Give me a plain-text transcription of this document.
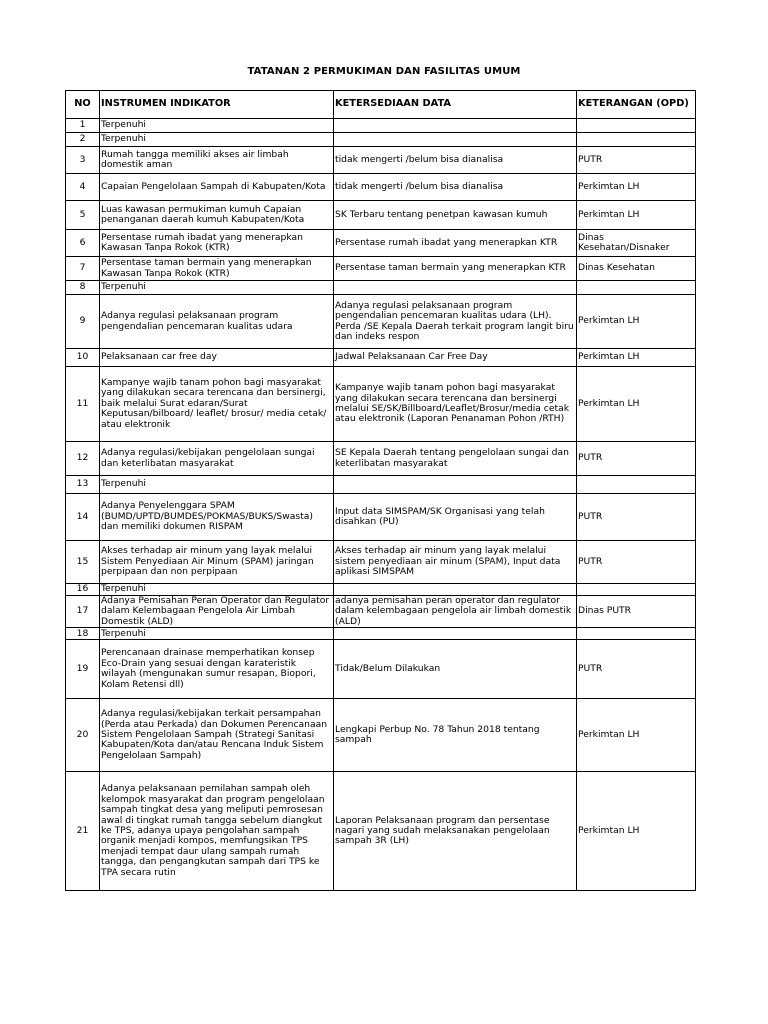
TATANAN 2 PERMUKIMAN DAN FASILITAS UMUM
NO	INSTRUMEN INDIKATOR	KETERSEDIAAN DATA	KETERANGAN (OPD)
1	Terpenuhi		
2	Terpenuhi		
3	Rumah tangga memiliki akses air limbah domestik aman	tidak mengerti /belum bisa dianalisa	PUTR
4	Capaian Pengelolaan Sampah di Kabupaten/Kota	tidak mengerti /belum bisa dianalisa	Perkimtan LH
5	Luas kawasan permukiman kumuh Capaian penanganan daerah kumuh Kabupaten/Kota	SK Terbaru tentang penetpan kawasan kumuh	Perkimtan LH
6	Persentase rumah ibadat yang menerapkan Kawasan Tanpa Rokok (KTR)	Persentase rumah ibadat yang menerapkan KTR	Dinas Kesehatan/Disnaker
7	Persentase taman bermain yang menerapkan Kawasan Tanpa Rokok (KTR)	Persentase taman bermain yang menerapkan KTR	Dinas Kesehatan
8	Terpenuhi		
9	Adanya regulasi pelaksanaan program pengendalian pencemaran kualitas udara	Adanya regulasi pelaksanaan program pengendalian pencemaran kualitas udara (LH). Perda /SE Kepala Daerah terkait program langit biru dan indeks respon	Perkimtan LH
10	Pelaksanaan car free day	Jadwal Pelaksanaan Car Free Day	Perkimtan LH
11	Kampanye wajib tanam pohon bagi masyarakat yang dilakukan secara terencana dan bersinergi, baik melalui Surat edaran/Surat Keputusan/bilboard/ leaflet/ brosur/ media cetak/ atau elektronik	Kampanye wajib tanam pohon bagi masyarakat yang dilakukan secara terencana dan bersinergi melalui SE/SK/Billboard/Leaflet/Brosur/media cetak atau elektronik (Laporan Penanaman Pohon /RTH)	Perkimtan LH
12	Adanya regulasi/kebijakan pengelolaan sungai dan keterlibatan masyarakat	SE Kepala Daerah tentang pengelolaan sungai dan keterlibatan masyarakat	PUTR
13	Terpenuhi		
14	Adanya Penyelenggara SPAM (BUMD/UPTD/BUMDES/POKMAS/BUKS/Swasta) dan memiliki dokumen RISPAM	Input data SIMSPAM/SK Organisasi yang telah disahkan (PU)	PUTR
15	Akses terhadap air minum yang layak melalui Sistem Penyediaan Air Minum (SPAM) jaringan perpipaan dan non perpipaan	Akses terhadap air minum yang layak melalui sistem penyediaan air minum (SPAM), Input data aplikasi SIMSPAM	PUTR
16	Terpenuhi		
17	Adanya Pemisahan Peran Operator dan Regulator dalam Kelembagaan Pengelola Air Limbah Domestik (ALD)	adanya pemisahan peran operator dan regulator dalam kelembagaan pengelola air limbah domestik (ALD)	Dinas PUTR
18	Terpenuhi		
19	Perencanaan drainase memperhatikan konsep Eco-Drain yang sesuai dengan karateristik wilayah (mengunakan sumur resapan, Biopori, Kolam Retensi dll)	Tidak/Belum Dilakukan	PUTR
20	Adanya regulasi/kebijakan terkait persampahan (Perda atau Perkada) dan Dokumen Perencanaan Sistem Pengelolaan Sampah (Strategi Sanitasi Kabupaten/Kota dan/atau Rencana Induk Sistem Pengelolaan Sampah)	Lengkapi Perbup No. 78 Tahun 2018 tentang sampah	Perkimtan LH
21	Adanya pelaksanaan pemilahan sampah oleh kelompok masyarakat dan program pengelolaan sampah tingkat desa yang meliputi pemrosesan awal di tingkat rumah tangga sebelum diangkut ke TPS, adanya upaya pengolahan sampah organik menjadi kompos, memfungsikan TPS menjadi tempat daur ulang sampah rumah tangga, dan pengangkutan sampah dari TPS ke TPA secara rutin	Laporan Pelaksanaan program dan persentase nagari yang sudah melaksanakan pengelolaan sampah 3R (LH)	Perkimtan LH
